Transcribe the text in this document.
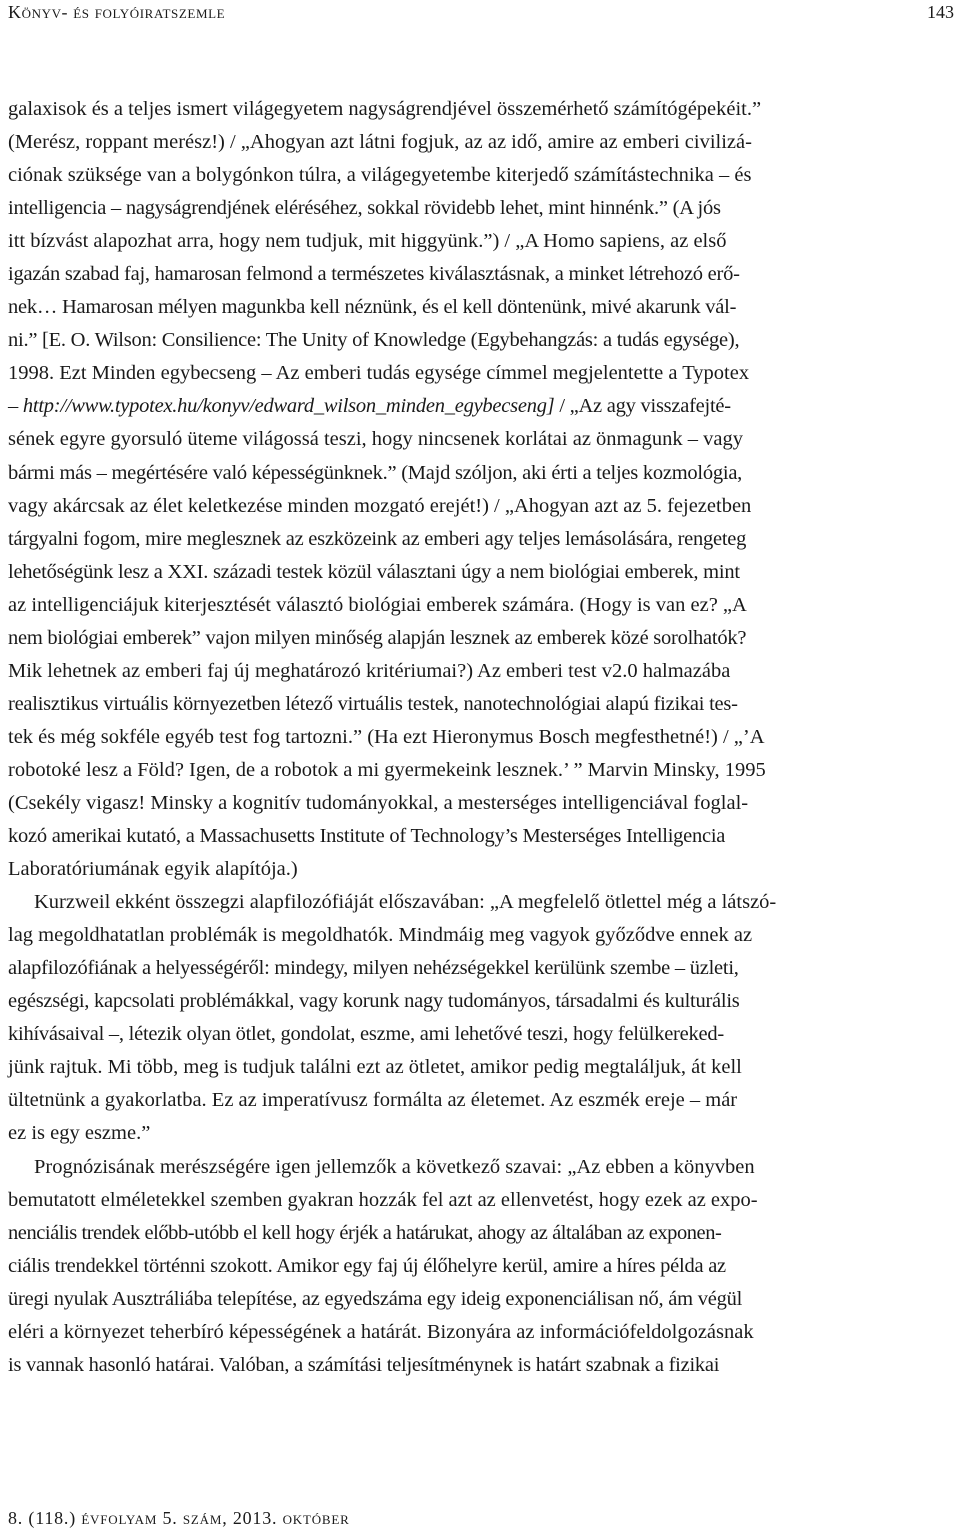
Könyv- és folyóiratszemle	143
galaxisok és a teljes ismert világegyetem nagyságrendjével összemérhető számítógépekéit.”
(Merész, roppant merész!) / „Ahogyan azt látni fogjuk, az az idő, amire az emberi civilizá-
ciónak szüksége van a bolygónkon túlra, a világegyetembe kiterjedő számítástechnika – és
intelligencia – nagyságrendjének eléréséhez, sokkal rövidebb lehet, mint hinnénk.” (A jós
itt bízvást alapozhat arra, hogy nem tudjuk, mit higgyünk.”) / „A Homo sapiens, az első
igazán szabad faj, hamarosan felmond a természetes kiválasztásnak, a minket létrehozó erő-
nek… Hamarosan mélyen magunkba kell néznünk, és el kell döntenünk, mivé akarunk vál-
ni.” [E. O. Wilson: Consilience: The Unity of Knowledge (Egybehangzás: a tudás egysége),
1998. Ezt Minden egybecseng – Az emberi tudás egysége címmel megjelentette a Typotex
– http://www.typotex.hu/konyv/edward_wilson_minden_egybecseng] / „Az agy visszafejté-
sének egyre gyorsuló üteme világossá teszi, hogy nincsenek korlátai az önmagunk – vagy
bármi más – megértésére való képességünknek.” (Majd szóljon, aki érti a teljes kozmológia,
vagy akárcsak az élet keletkezése minden mozgató erejét!) / „Ahogyan azt az 5. fejezetben
tárgyalni fogom, mire meglesznek az eszközeink az emberi agy teljes lemásolására, rengeteg
lehetőségünk lesz a XXI. századi testek közül választani úgy a nem biológiai emberek, mint
az intelligenciájuk kiterjesztését választó biológiai emberek számára. (Hogy is van ez? „A
nem biológiai emberek” vajon milyen minőség alapján lesznek az emberek közé sorolhatók?
Mik lehetnek az emberi faj új meghatározó kritériumai?) Az emberi test v2.0 halmazába
realisztikus virtuális környezetben létező virtuális testek, nanotechnológiai alapú fizikai tes-
tek és még sokféle egyéb test fog tartozni.” (Ha ezt Hieronymus Bosch megfesthetné!) / „’A
robotoké lesz a Föld? Igen, de a robotok a mi gyermekeink lesznek.’ ” Marvin Minsky, 1995
(Csekély vigasz! Minsky a kognitív tudományokkal, a mesterséges intelligenciával foglal-
kozó amerikai kutató, a Massachusetts Institute of Technology’s Mesterséges Intelligencia
Laboratóriumának egyik alapítója.)
Kurzweil ekként összegzi alapfilozófiáját előszavában: „A megfelelő ötlettel még a látszó-
lag megoldhatatlan problémák is megoldhatók. Mindmáig meg vagyok győződve ennek az
alapfilozófiának a helyességéről: mindegy, milyen nehézségekkel kerülünk szembe – üzleti,
egészségi, kapcsolati problémákkal, vagy korunk nagy tudományos, társadalmi és kulturális
kihívásaival –, létezik olyan ötlet, gondolat, eszme, ami lehetővé teszi, hogy felülkereked-
jünk rajtuk. Mi több, meg is tudjuk találni ezt az ötletet, amikor pedig megtaláljuk, át kell
ültetnünk a gyakorlatba. Ez az imperatívusz formálta az életemet. Az eszmék ereje – már
ez is egy eszme.”
Prognózisának merészségére igen jellemzők a következő szavai: „Az ebben a könyvben
bemutatott elméletekkel szemben gyakran hozzák fel azt az ellenvetést, hogy ezek az expo-
nenciális trendek előbb-utóbb el kell hogy érjék a határukat, ahogy az általában az exponen-
ciális trendekkel történni szokott. Amikor egy faj új élőhelyre kerül, amire a híres példa az
üregi nyulak Ausztráliába telepítése, az egyedszáma egy ideig exponenciálisan nő, ám végül
eléri a környezet teherbíró képességének a határát. Bizonyára az információfeldolgozásnak
is vannak hasonló határai. Valóban, a számítási teljesítménynek is határt szabnak a fizikai
8. (118.) évfolyam 5. szám, 2013. október
